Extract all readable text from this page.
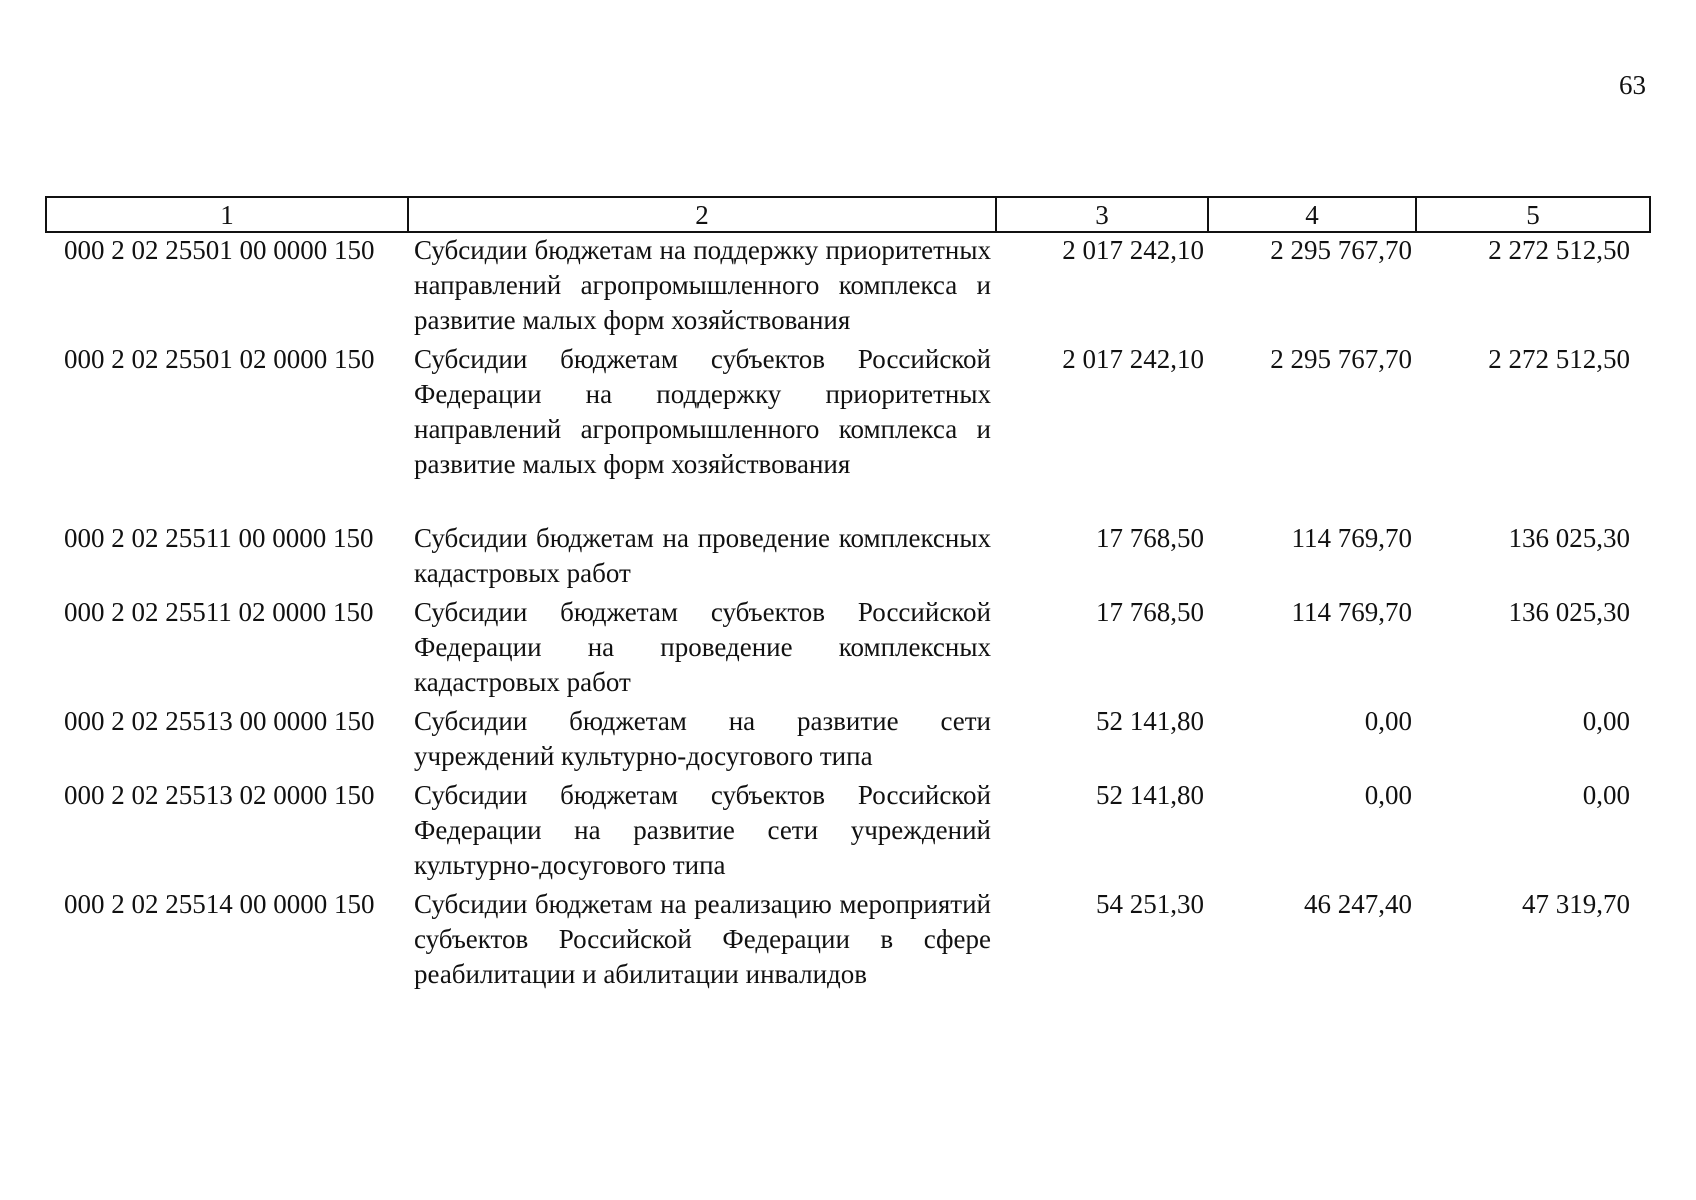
63
1	2	3	4	5
000 2 02 25501 00 0000 150	Субсидии бюджетам на поддержку приоритетных направлений агропромышленного комплекса и развитие малых форм хозяйствования	2 017 242,10	2 295 767,70	2 272 512,50
000 2 02 25501 02 0000 150	Субсидии бюджетам субъектов Российской Федерации на поддержку приоритетных направлений агропромышленного комплекса и развитие малых форм хозяйствования	2 017 242,10	2 295 767,70	2 272 512,50
000 2 02 25511 00 0000 150	Субсидии бюджетам на проведение комплексных кадастровых работ	17 768,50	114 769,70	136 025,30
000 2 02 25511 02 0000 150	Субсидии бюджетам субъектов Российской Федерации на проведение комплексных кадастровых работ	17 768,50	114 769,70	136 025,30
000 2 02 25513 00 0000 150	Субсидии бюджетам на развитие сети учреждений культурно-досугового типа	52 141,80	0,00	0,00
000 2 02 25513 02 0000 150	Субсидии бюджетам субъектов Российской Федерации на развитие сети учреждений культурно-досугового типа	52 141,80	0,00	0,00
000 2 02 25514 00 0000 150	Субсидии бюджетам на реализацию мероприятий субъектов Российской Федерации в сфере реабилитации и абилитации инвалидов	54 251,30	46 247,40	47 319,70
